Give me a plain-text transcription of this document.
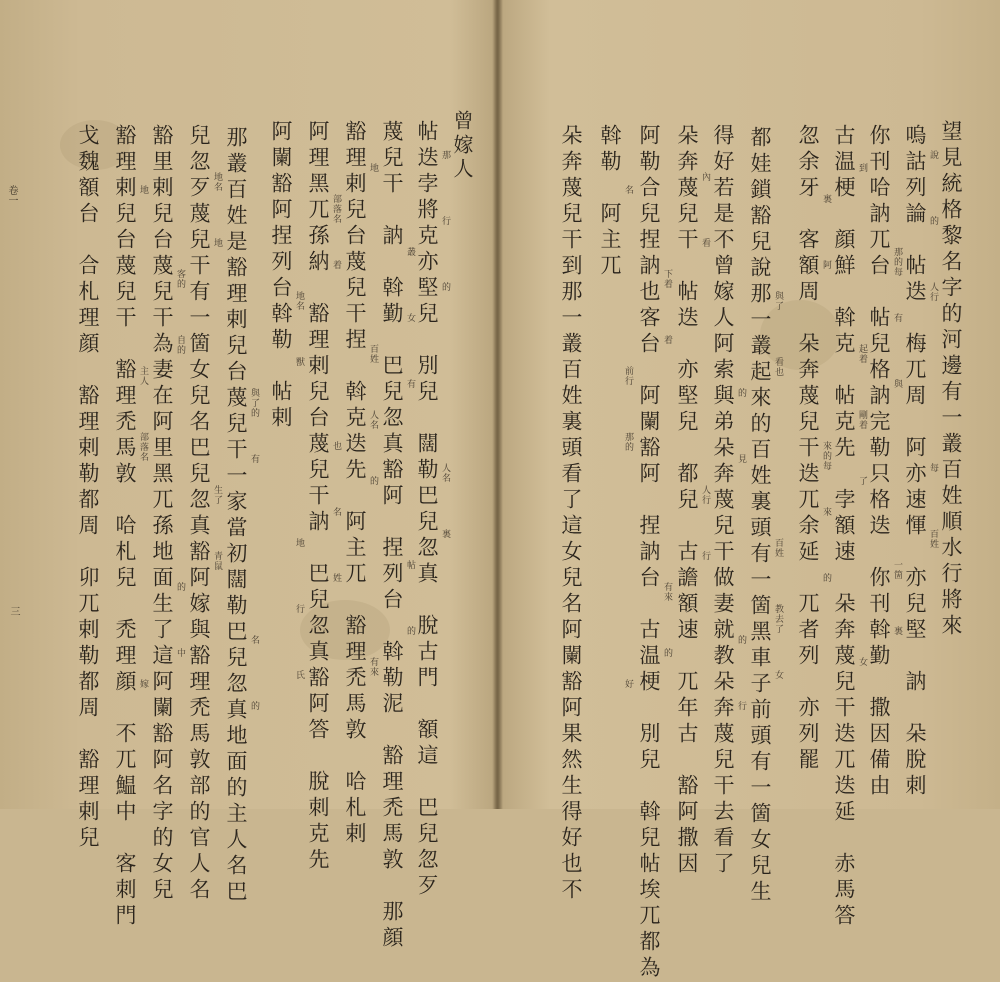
望見統格黎名字的河邊有一叢百姓順水行將來
嗚詁列論　帖迭　梅兀周　阿亦速惲　亦兒堅　訥　朵脫刺
你刊哈訥兀台　帖兒格訥完勒只格迭　你刊斡勤　撒因備由
古温梗　顔鮮　斡克　帖克先　孛額速　朵奔蔑兒干迭兀迭延　赤馬答
忽余牙　客額周　朵奔蔑兒干迭兀余延　兀者列　亦列罷
都娃鎖豁兒說那一叢起來的百姓裏頭有一箇黑車子前頭有一箇女兒生
得好若是不曾嫁人阿索與弟朵奔蔑兒干做妻就教朵奔蔑兒干去看了
朵奔蔑兒干　帖迭　亦堅兒　都兒　古譫額速　兀年古　豁阿撒因
阿勒合兒捏訥也客台　阿闌豁阿　捏訥台　古温梗　別兒　斡兒帖埃兀都為
斡勒　阿主兀
朵奔蔑兒干到那一叢百姓裏頭看了這女兒名阿闌豁阿果然生得好也不	說
那的每
起着
來的每
百姓
的
內
下着
前行
每
一箇
女
裏
與了
的
人行
有來
好
的
有
剛着
來
教去了
行
看
着
那的
百姓
裏
到
阿
看也
見
行
的
名
人行
與
了
的
女
曾嫁人
帖迭孛將克亦堅兒　別兒　闊勒巴兒忽真　脫古門　額這　巴兒忽歹
蔑兒干　訥　斡勤　巴兒忽真豁阿　捏列台　斡勒泥　豁理禿馬敦　那顔
豁理剌兒台蔑兒干捏　斡克迭先　阿主兀　豁理禿馬敦　哈札剌
阿理黑兀孫納　豁理剌兒台蔑兒干訥　巴兒忽真豁阿答　脫刺克先
阿闌豁阿捏列台斡勒　帖剌
那叢百姓是豁理剌兒台蔑兒干一家當初闊勒巴兒忽真地面的主人名巴
兒忽歹蔑兒干有一箇女兒名巴兒忽真豁阿嫁與豁理禿馬敦部的官人名
豁里剌兒台蔑兒干為妻在阿里黑兀孫地面生了這阿闌豁阿名字的女兒
豁理剌兒台蔑兒干　豁理禿馬敦　哈札兒　禿理顔　不兀鰛中　客刺門
戈魏額台　合札理顔　豁理剌勒都周　卯兀剌勒都周　豁理剌兒	那
叢
百姓
也
地
名
地名
客的
主人
人名
帖
有來
部落名
地名
與了的
生了
的
嫁
行
女
人名
名
行
的
地
自的
部落名
裏
的
地
着
獸
有
青鼠
中
地
的
有
的
姓
氏
卷一
三
